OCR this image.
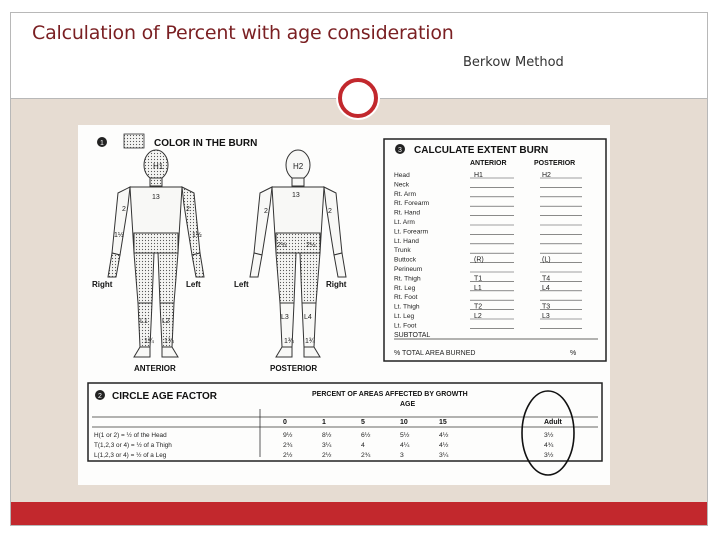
Calculation of Percent with age consideration
Berkow Method
1	COLOR IN THE BURN
H1
13
2	2
1½	1½
L1 L2
1¾ 1¾
Right	Left
ANTERIOR
H2
13
2	2
2½	2½
L3 L4
1¾ 1¾
Left	Right
POSTERIOR
3 CALCULATE EXTENT BURN
ANTERIOR	POSTERIOR
Head	H1	H2
Neck
Rt. Arm
Rt. Forearm
Rt. Hand
Lt. Arm
Lt. Forearm
Lt. Hand
Trunk
Buttock	(R)	(L)
Perineum
Rt. Thigh	T1	T4
Rt. Leg	L1	L4
Rt. Foot
Lt. Thigh	T2	T3
Lt. Leg	L2	L3
Lt. Foot
SUBTOTAL
% TOTAL AREA BURNED	%
2 CIRCLE AGE FACTOR	PERCENT OF AREAS AFFECTED BY GROWTH
AGE
0	1	5	10	15	Adult
H(1 or 2) = ½ of the Head	9½	8½	6½	5½	4½	3½
T(1,2,3 or 4) = ½ of a Thigh	2¾	3¼	4	4¼	4½	4¾
L(1,2,3 or 4) = ½ of a Leg	2½	2½	2¾	3	3¼	3½
